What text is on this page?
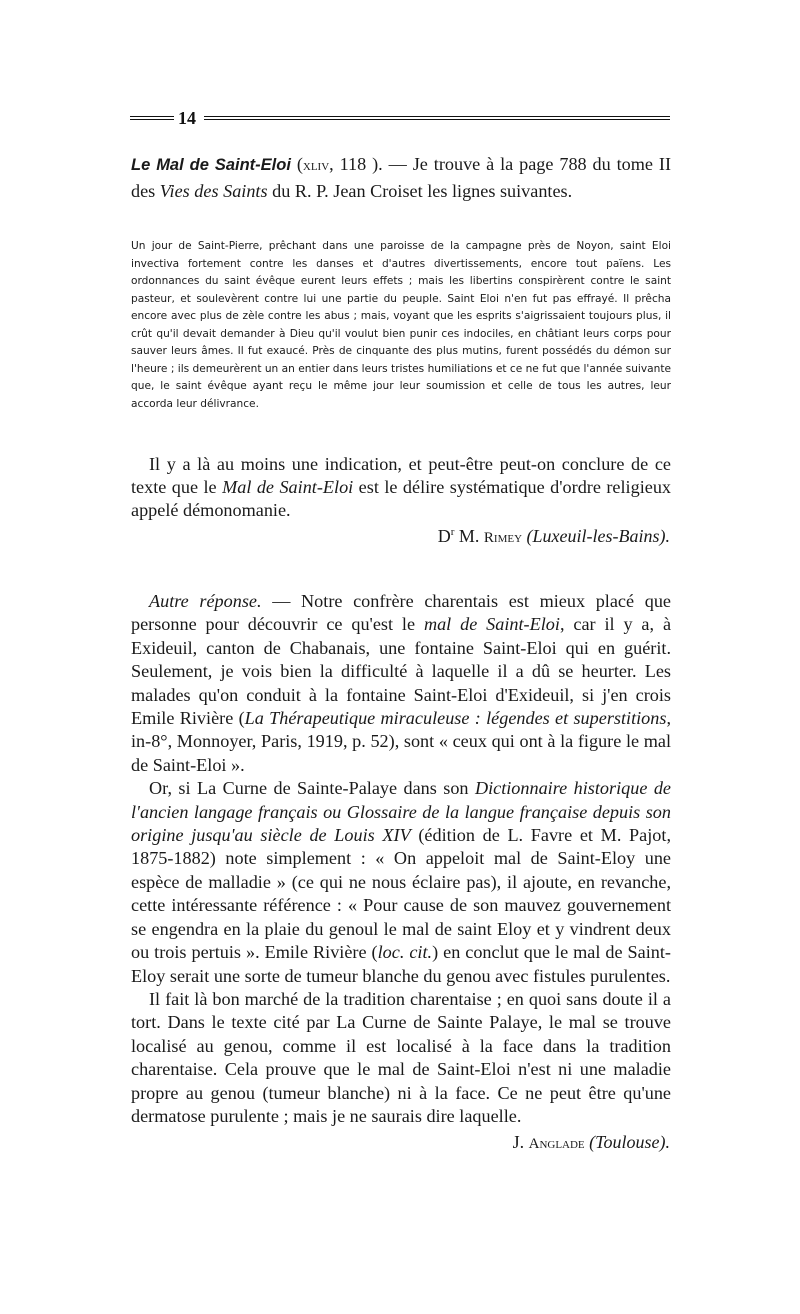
14

Le Mal de Saint-Eloi (xliv, 118 ). — Je trouve à la page 788 du tome II des Vies des Saints du R. P. Jean Croiset les lignes suivantes.

Un jour de Saint-Pierre, prêchant dans une paroisse de la campagne près de Noyon, saint Eloi invectiva fortement contre les danses et d'autres divertissements, encore tout païens. Les ordonnances du saint évêque eurent leurs effets ; mais les libertins conspirèrent contre le saint pasteur, et soulevèrent contre lui une partie du peuple. Saint Eloi n'en fut pas effrayé. Il prêcha encore avec plus de zèle contre les abus ; mais, voyant que les esprits s'aigrissaient toujours plus, il crût qu'il devait demander à Dieu qu'il voulut bien punir ces indociles, en châtiant leurs corps pour sauver leurs âmes. Il fut exaucé. Près de cinquante des plus mutins, furent possédés du démon sur l'heure ; ils demeurèrent un an entier dans leurs tristes humiliations et ce ne fut que l'année suivante que, le saint évêque ayant reçu le même jour leur soumission et celle de tous les autres, leur accorda leur délivrance.

Il y a là au moins une indication, et peut-être peut-on conclure de ce texte que le Mal de Saint-Eloi est le délire systématique d'ordre religieux appelé démonomanie.

$D^r$ M. Rimey (Luxeuil-les-Bains).

Autre réponse. — Notre confrère charentais est mieux placé que personne pour découvrir ce qu'est le mal de Saint-Eloi, car il y a, à Exideuil, canton de Chabanais, une fontaine Saint-Eloi qui en guérit. Seulement, je vois bien la difficulté à laquelle il a dû se heurter. Les malades qu'on conduit à la fontaine Saint-Eloi d'Exideuil, si j'en crois Emile Rivière (La Thérapeutique miraculeuse : légendes et superstitions, in-8°, Monnoyer, Paris, 1919, p. 52), sont « ceux qui ont à la figure le mal de Saint-Eloi ».

Or, si La Curne de Sainte-Palaye dans son Dictionnaire historique de l'ancien langage français ou Glossaire de la langue française depuis son origine jusqu'au siècle de Louis XIV (édition de L. Favre et M. Pajot, 1875-1882) note simplement : « On appeloit mal de Saint-Eloy une espèce de malladie » (ce qui ne nous éclaire pas), il ajoute, en revanche, cette intéressante référence : « Pour cause de son mauvez gouvernement se engendra en la plaie du genoul le mal de saint Eloy et y vindrent deux ou trois pertuis ». Emile Rivière (loc. cit.) en conclut que le mal de Saint-Eloy serait une sorte de tumeur blanche du genou avec fistules purulentes.

Il fait là bon marché de la tradition charentaise ; en quoi sans doute il a tort. Dans le texte cité par La Curne de Sainte Palaye, le mal se trouve localisé au genou, comme il est localisé à la face dans la tradition charentaise. Cela prouve que le mal de Saint-Eloi n'est ni une maladie propre au genou (tumeur blanche) ni à la face. Ce ne peut être qu'une dermatose purulente ; mais je ne saurais dire laquelle.

J. Anglade (Toulouse).
